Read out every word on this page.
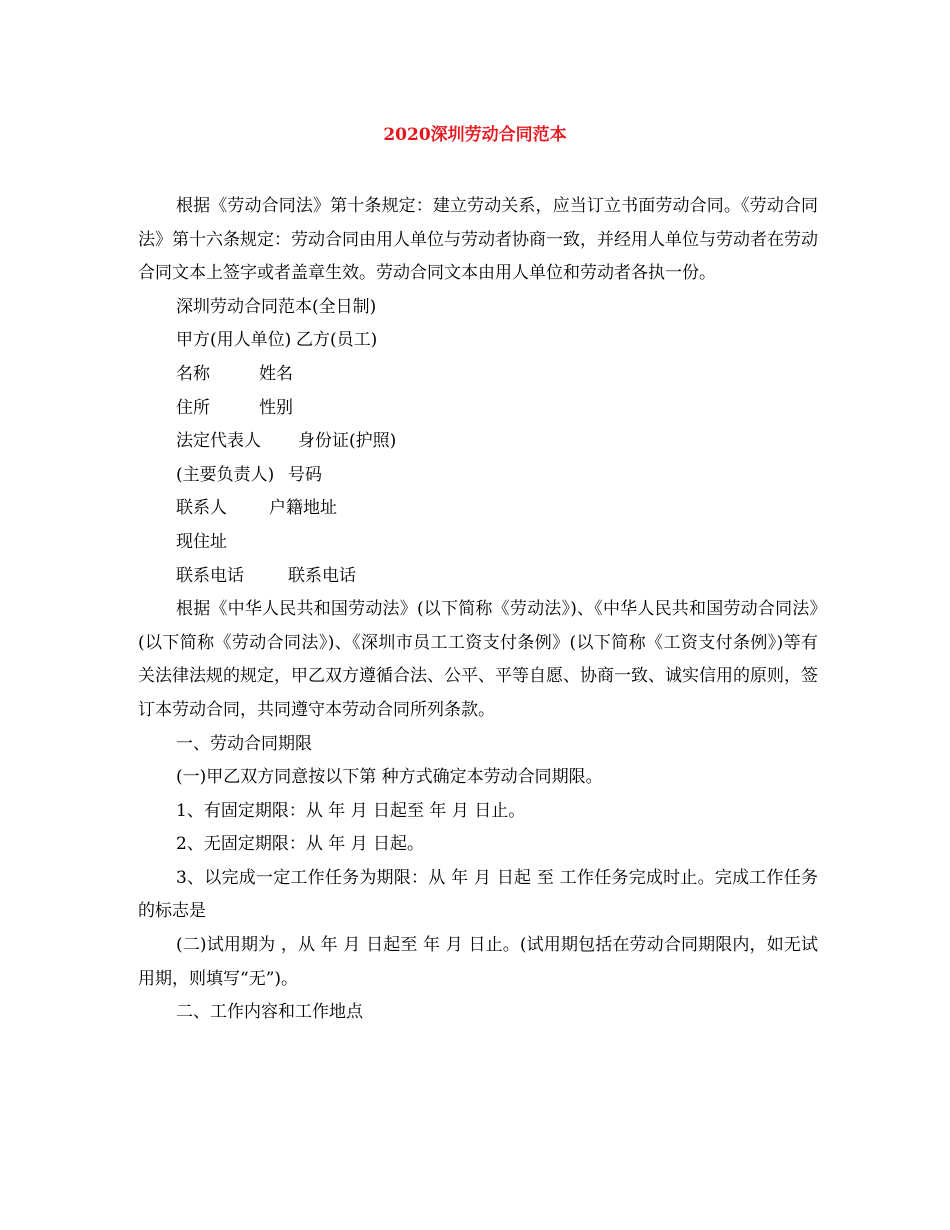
2020深圳劳动合同范本

根据《劳动合同法》第十条规定：建立劳动关系，应当订立书面劳动合同。《劳动合同法》第十六条规定：劳动合同由用人单位与劳动者协商一致，并经用人单位与劳动者在劳动合同文本上签字或者盖章生效。劳动合同文本由用人单位和劳动者各执一份。

深圳劳动合同范本(全日制)

甲方(用人单位) 乙方(员工)

名称	姓名

住所	性别

法定代表人 身份证(护照)

(主要负责人) 号码

联系人 户籍地址

现住址

联系电话	联系电话

根据《中华人民共和国劳动法》(以下简称《劳动法》)、《中华人民共和国劳动合同法》(以下简称《劳动合同法》)、《深圳市员工工资支付条例》(以下简称《工资支付条例》)等有关法律法规的规定，甲乙双方遵循合法、公平、平等自愿、协商一致、诚实信用的原则，签订本劳动合同，共同遵守本劳动合同所列条款。

一、劳动合同期限

(一)甲乙双方同意按以下第 种方式确定本劳动合同期限。

1、有固定期限：从 年 月 日起至 年 月 日止。

2、无固定期限：从 年 月 日起。

3、以完成一定工作任务为期限：从 年 月 日起 至 工作任务完成时止。完成工作任务的标志是

(二)试用期为 ，从 年 月 日起至 年 月 日止。(试用期包括在劳动合同期限内，如无试用期，则填写“无”)。

二、工作内容和工作地点
